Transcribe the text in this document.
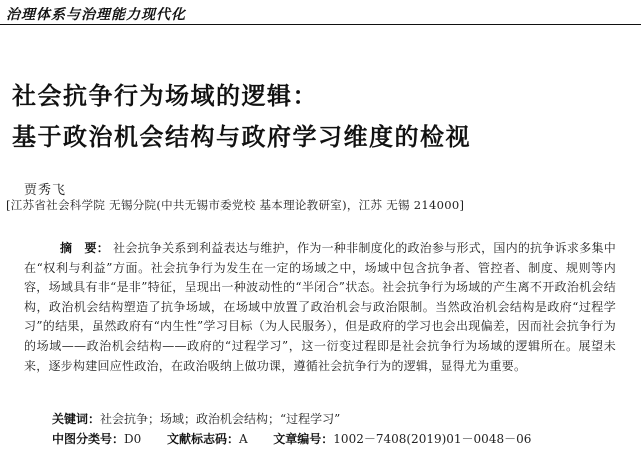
治理体系与治理能力现代化
社会抗争行为场域的逻辑：
基于政治机会结构与政府学习维度的检视
贾秀飞
[江苏省社会科学院 无锡分院(中共无锡市委党校 基本理论教研室)，江苏 无锡 214000]
摘　要： 社会抗争关系到利益表达与维护，作为一种非制度化的政治参与形式，国内的抗争诉求多集中在“权利与利益”方面。社会抗争行为发生在一定的场域之中，场域中包含抗争者、管控者、制度、规则等内容，场域具有非“是非”特征，呈现出一种波动性的“半闭合”状态。社会抗争行为场域的产生离不开政治机会结构，政治机会结构塑造了抗争场域，在场域中放置了政治机会与政治限制。当然政治机会结构是政府“过程学习”的结果，虽然政府有“内生性”学习目标（为人民服务），但是政府的学习也会出现偏差，因而社会抗争行为的场域——政治机会结构——政府的“过程学习”，这一衍变过程即是社会抗争行为场域的逻辑所在。展望未来，逐步构建回应性政治，在政治吸纳上做功课，遵循社会抗争行为的逻辑，显得尤为重要。
关键词：社会抗争；场域；政治机会结构；“过程学习”
中图分类号：D0 文献标志码：A 文章编号：1002－7408(2019)01－0048－06
